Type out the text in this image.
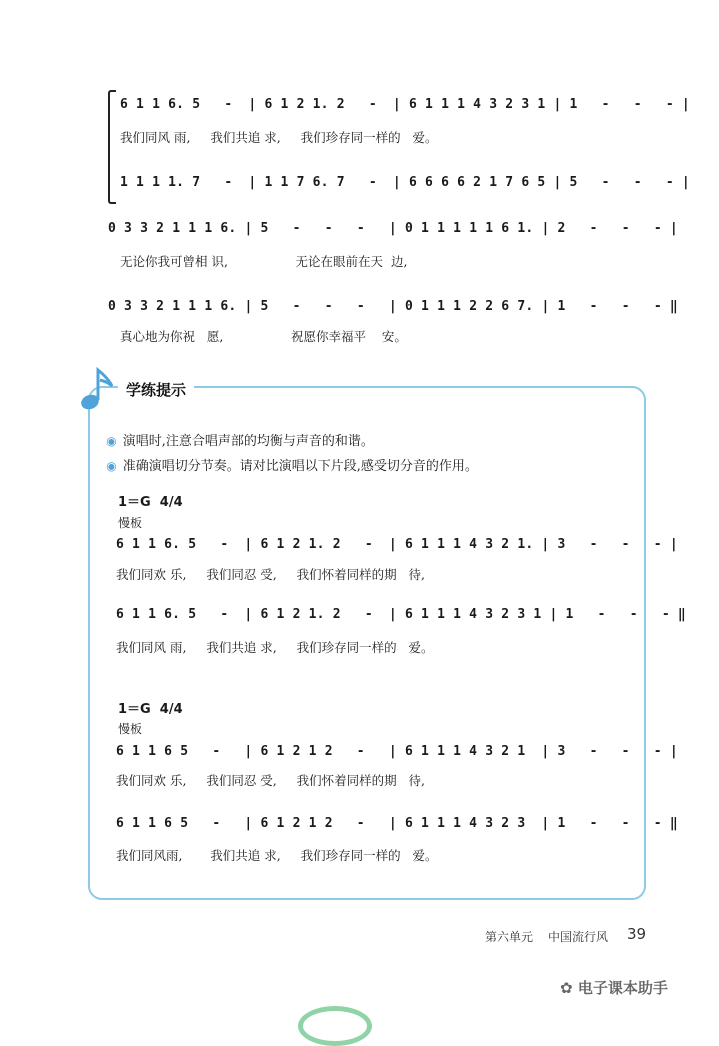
6 1 1 6. 5   -  | 6 1 2 1. 2   -  | 6 1 1 1 4 3 2 3 1 | 1   -   -   - |
我们同风 雨,     我们共追 求,     我们珍存同一样的   爱。
1 1 1 1. 7   -  | 1 1 7 6. 7   -  | 6 6 6 6 2 1 7 6 5 | 5   -   -   - |
0 3 3 2 1 1 1 6. | 5   -   -   -   | 0 1 1 1 1 1 6 1. | 2   -   -   - |
无论你我可曾相 识,                 无论在眼前在天  边,
0 3 3 2 1 1 1 6. | 5   -   -   -   | 0 1 1 1 2 2 6 7. | 1   -   -   - ‖
真心地为你祝   愿,                 祝愿你幸福平    安。
学练提示

◉ 演唱时,注意合唱声部的均衡与声音的和谐。

◉ 准确演唱切分节奏。请对比演唱以下片段,感受切分音的作用。

1＝G 4/4
慢板
6 1 1 6. 5   -  | 6 1 2 1. 2   -  | 6 1 1 1 4 3 2 1. | 3   -   -   - |
我们同欢 乐,     我们同忍 受,     我们怀着同样的期   待,
6 1 1 6. 5   -  | 6 1 2 1. 2   -  | 6 1 1 1 4 3 2 3 1 | 1   -   -   - ‖
我们同风 雨,     我们共追 求,     我们珍存同一样的   爱。
1＝G 4/4
慢板
6 1 1 6 5   -   | 6 1 2 1 2   -   | 6 1 1 1 4 3 2 1  | 3   -   -   - |
我们同欢 乐,     我们同忍 受,     我们怀着同样的期   待,
6 1 1 6 5   -   | 6 1 2 1 2   -   | 6 1 1 1 4 3 2 3  | 1   -   -   - ‖
我们同风雨,       我们共追 求,     我们珍存同一样的   爱。
第六单元 中国流行风 39
✿ 电子课本助手
